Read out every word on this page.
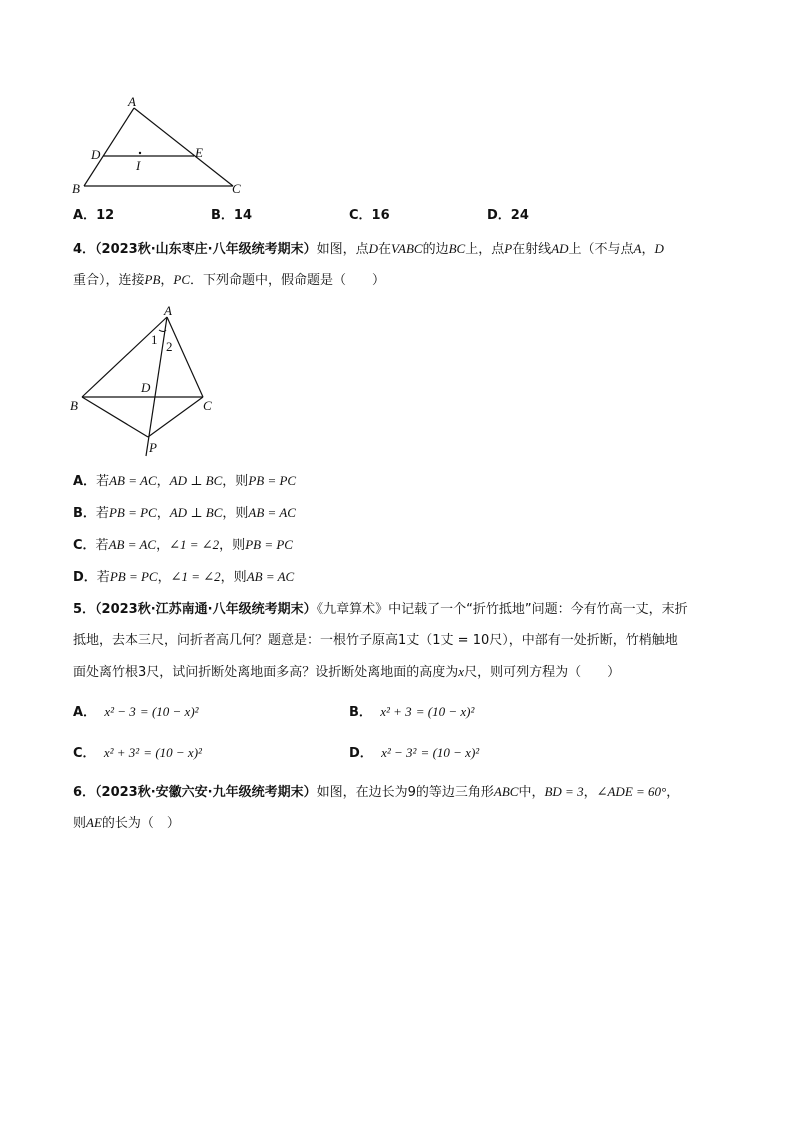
A
D	E
I
B	C
A．12	B．14	C．16	D．24
4．（2023秋·山东枣庄·八年级统考期末）如图，点D在VABC的边BC上，点P在射线AD上（不与点A，D
重合），连接PB，PC．下列命题中，假命题是（　　）
A
1 2
D
B	C
P
A．若AB = AC，AD ⊥ BC，则PB = PC
B．若PB = PC，AD ⊥ BC，则AB = AC
C．若AB = AC，∠1 = ∠2，则PB = PC
D．若PB = PC，∠1 = ∠2，则AB = AC
5．（2023秋·江苏南通·八年级统考期末）《九章算术》中记载了一个“折竹抵地”问题：今有竹高一丈，末折
抵地，去本三尺，问折者高几何？题意是：一根竹子原高1丈（1丈 = 10尺），中部有一处折断，竹梢触地
面处离竹根3尺，试问折断处离地面多高？设折断处离地面的高度为x尺，则可列方程为（　　）
A． x² − 3 = (10 − x)²	B． x² + 3 = (10 − x)²
C． x² + 3² = (10 − x)²	D． x² − 3² = (10 − x)²
6．（2023秋·安徽六安·九年级统考期末）如图，在边长为9的等边三角形ABC中，BD = 3，∠ADE = 60°，
则AE的长为（　）
